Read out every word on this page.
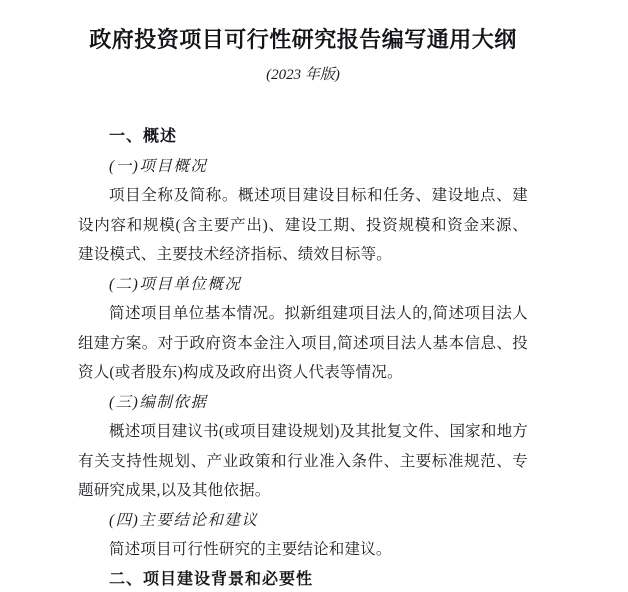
政府投资项目可行性研究报告编写通用大纲
(2023 年版)
一、概述
(一)项目概况
项目全称及简称。概述项目建设目标和任务、建设地点、建设内容和规模(含主要产出)、建设工期、投资规模和资金来源、建设模式、主要技术经济指标、绩效目标等。
(二)项目单位概况
简述项目单位基本情况。拟新组建项目法人的,简述项目法人组建方案。对于政府资本金注入项目,简述项目法人基本信息、投资人(或者股东)构成及政府出资人代表等情况。
(三)编制依据
概述项目建议书(或项目建设规划)及其批复文件、国家和地方有关支持性规划、产业政策和行业准入条件、主要标准规范、专题研究成果,以及其他依据。
(四)主要结论和建议
简述项目可行性研究的主要结论和建议。
二、项目建设背景和必要性
